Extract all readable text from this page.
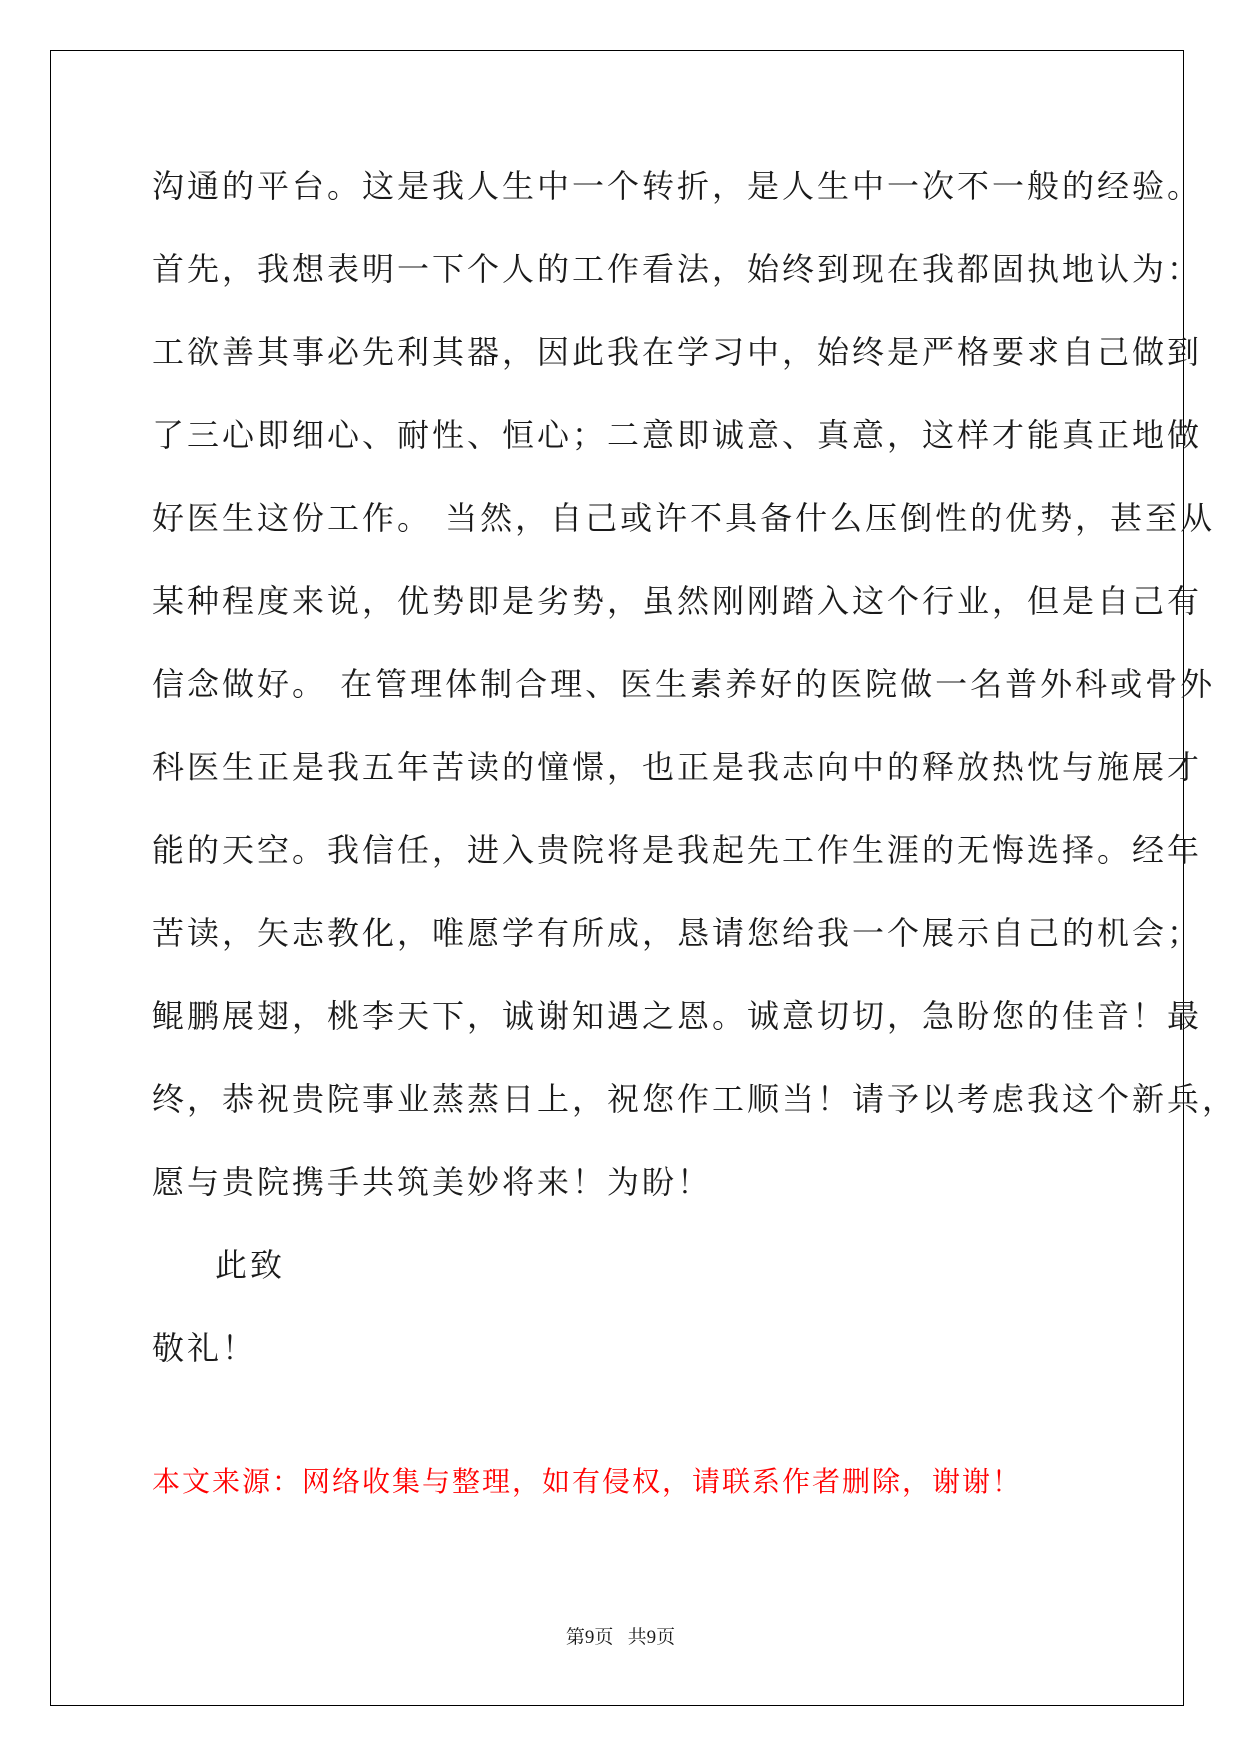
沟通的平台。这是我人生中一个转折，是人生中一次不一般的经验。
首先，我想表明一下个人的工作看法，始终到现在我都固执地认为：
工欲善其事必先利其器，因此我在学习中，始终是严格要求自己做到
了三心即细心、耐性、恒心；二意即诚意、真意，这样才能真正地做
好医生这份工作。 当然，自己或许不具备什么压倒性的优势，甚至从
某种程度来说，优势即是劣势，虽然刚刚踏入这个行业，但是自己有
信念做好。 在管理体制合理、医生素养好的医院做一名普外科或骨外
科医生正是我五年苦读的憧憬，也正是我志向中的释放热忱与施展才
能的天空。我信任，进入贵院将是我起先工作生涯的无悔选择。经年
苦读，矢志教化，唯愿学有所成，恳请您给我一个展示自己的机会；
鲲鹏展翅，桃李天下，诚谢知遇之恩。诚意切切，急盼您的佳音！最
终，恭祝贵院事业蒸蒸日上，祝您作工顺当！请予以考虑我这个新兵，
愿与贵院携手共筑美妙将来！为盼！
此致
敬礼！
本文来源：网络收集与整理，如有侵权，请联系作者删除，谢谢！
第9页   共9页
